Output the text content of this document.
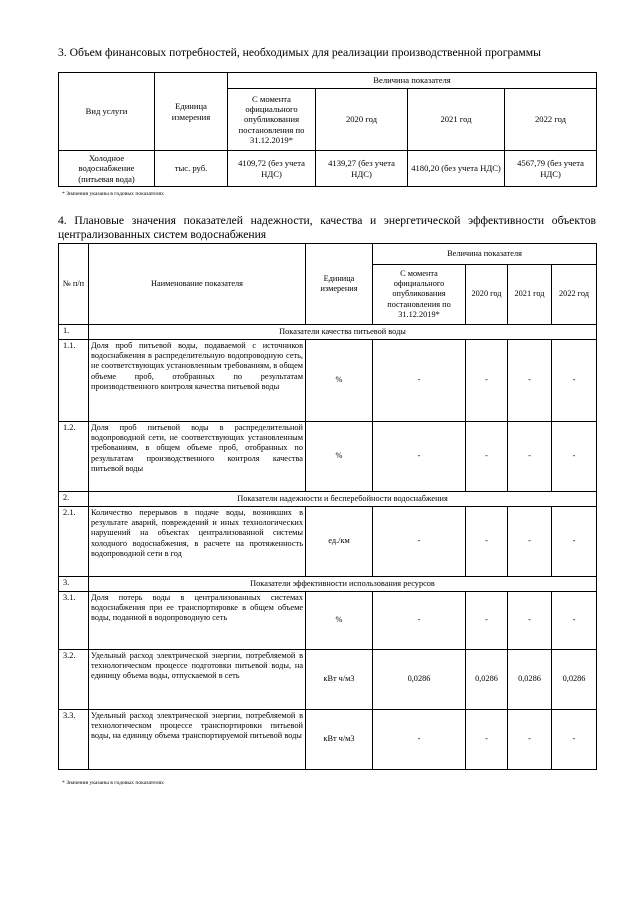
3. Объем финансовых потребностей, необходимых для реализации производственной программы
Вид услуги	Единица измерения	Величина показателя			
		С момента официального опубликования постановления по 31.12.2019*	2020 год	2021 год	2022 год
Холодное водоснабжение (питьевая вода)	тыс. руб.	4109,72 (без учета НДС)	4139,27 (без учета НДС)	4180,20 (без учета НДС)	4567,79 (без учета НДС)
* Значения указаны в годовых показателях
4. Плановые значения показателей надежности, качества и энергетической эффективности объектов централизованных систем водоснабжения
№ п/п	Наименование показателя	Единица измерения	Величина показателя			
			С момента официального опубликования постановления по 31.12.2019*	2020 год	2021 год	2022 год
1.	Показатели качества питьевой воды					
1.1.	Доля проб питьевой воды, подаваемой с источников водоснабжения в распределительную водопроводную сеть, не соответствующих установленным требованиям, в общем объеме проб, отобранных по результатам производственного контроля качества питьевой воды	%	-	-	-	-
1.2.	Доля проб питьевой воды в распределительной водопроводной сети, не соответствующих установленным требованиям, в общем объеме проб, отобранных по результатам производственного контроля качества питьевой воды	%	-	-	-	-
2.	Показатели надежности и бесперебойности водоснабжения					
2.1.	Количество перерывов в подаче воды, возникших в результате аварий, повреждений и иных технологических нарушений на объектах централизованной системы холодного водоснабжения, в расчете на протяженность водопроводной сети в год	ед./км	-	-	-	-
3.	Показатели эффективности использования ресурсов					
3.1.	Доля потерь воды в централизованных системах водоснабжения при ее транспортировке в общем объеме воды, поданной в водопроводную сеть	%	-	-	-	-
3.2.	Удельный расход электрической энергии, потребляемой в технологическом процессе подготовки питьевой воды, на единицу объема воды, отпускаемой в сеть	кВт ч/м3	0,0286	0,0286	0,0286	0,0286
3.3.	Удельный расход электрической энергии, потребляемой в технологическом процессе транспортировки питьевой воды, на единицу объема транспортируемой питьевой воды	кВт ч/м3	-	-	-	-
* Значения указаны в годовых показателях
